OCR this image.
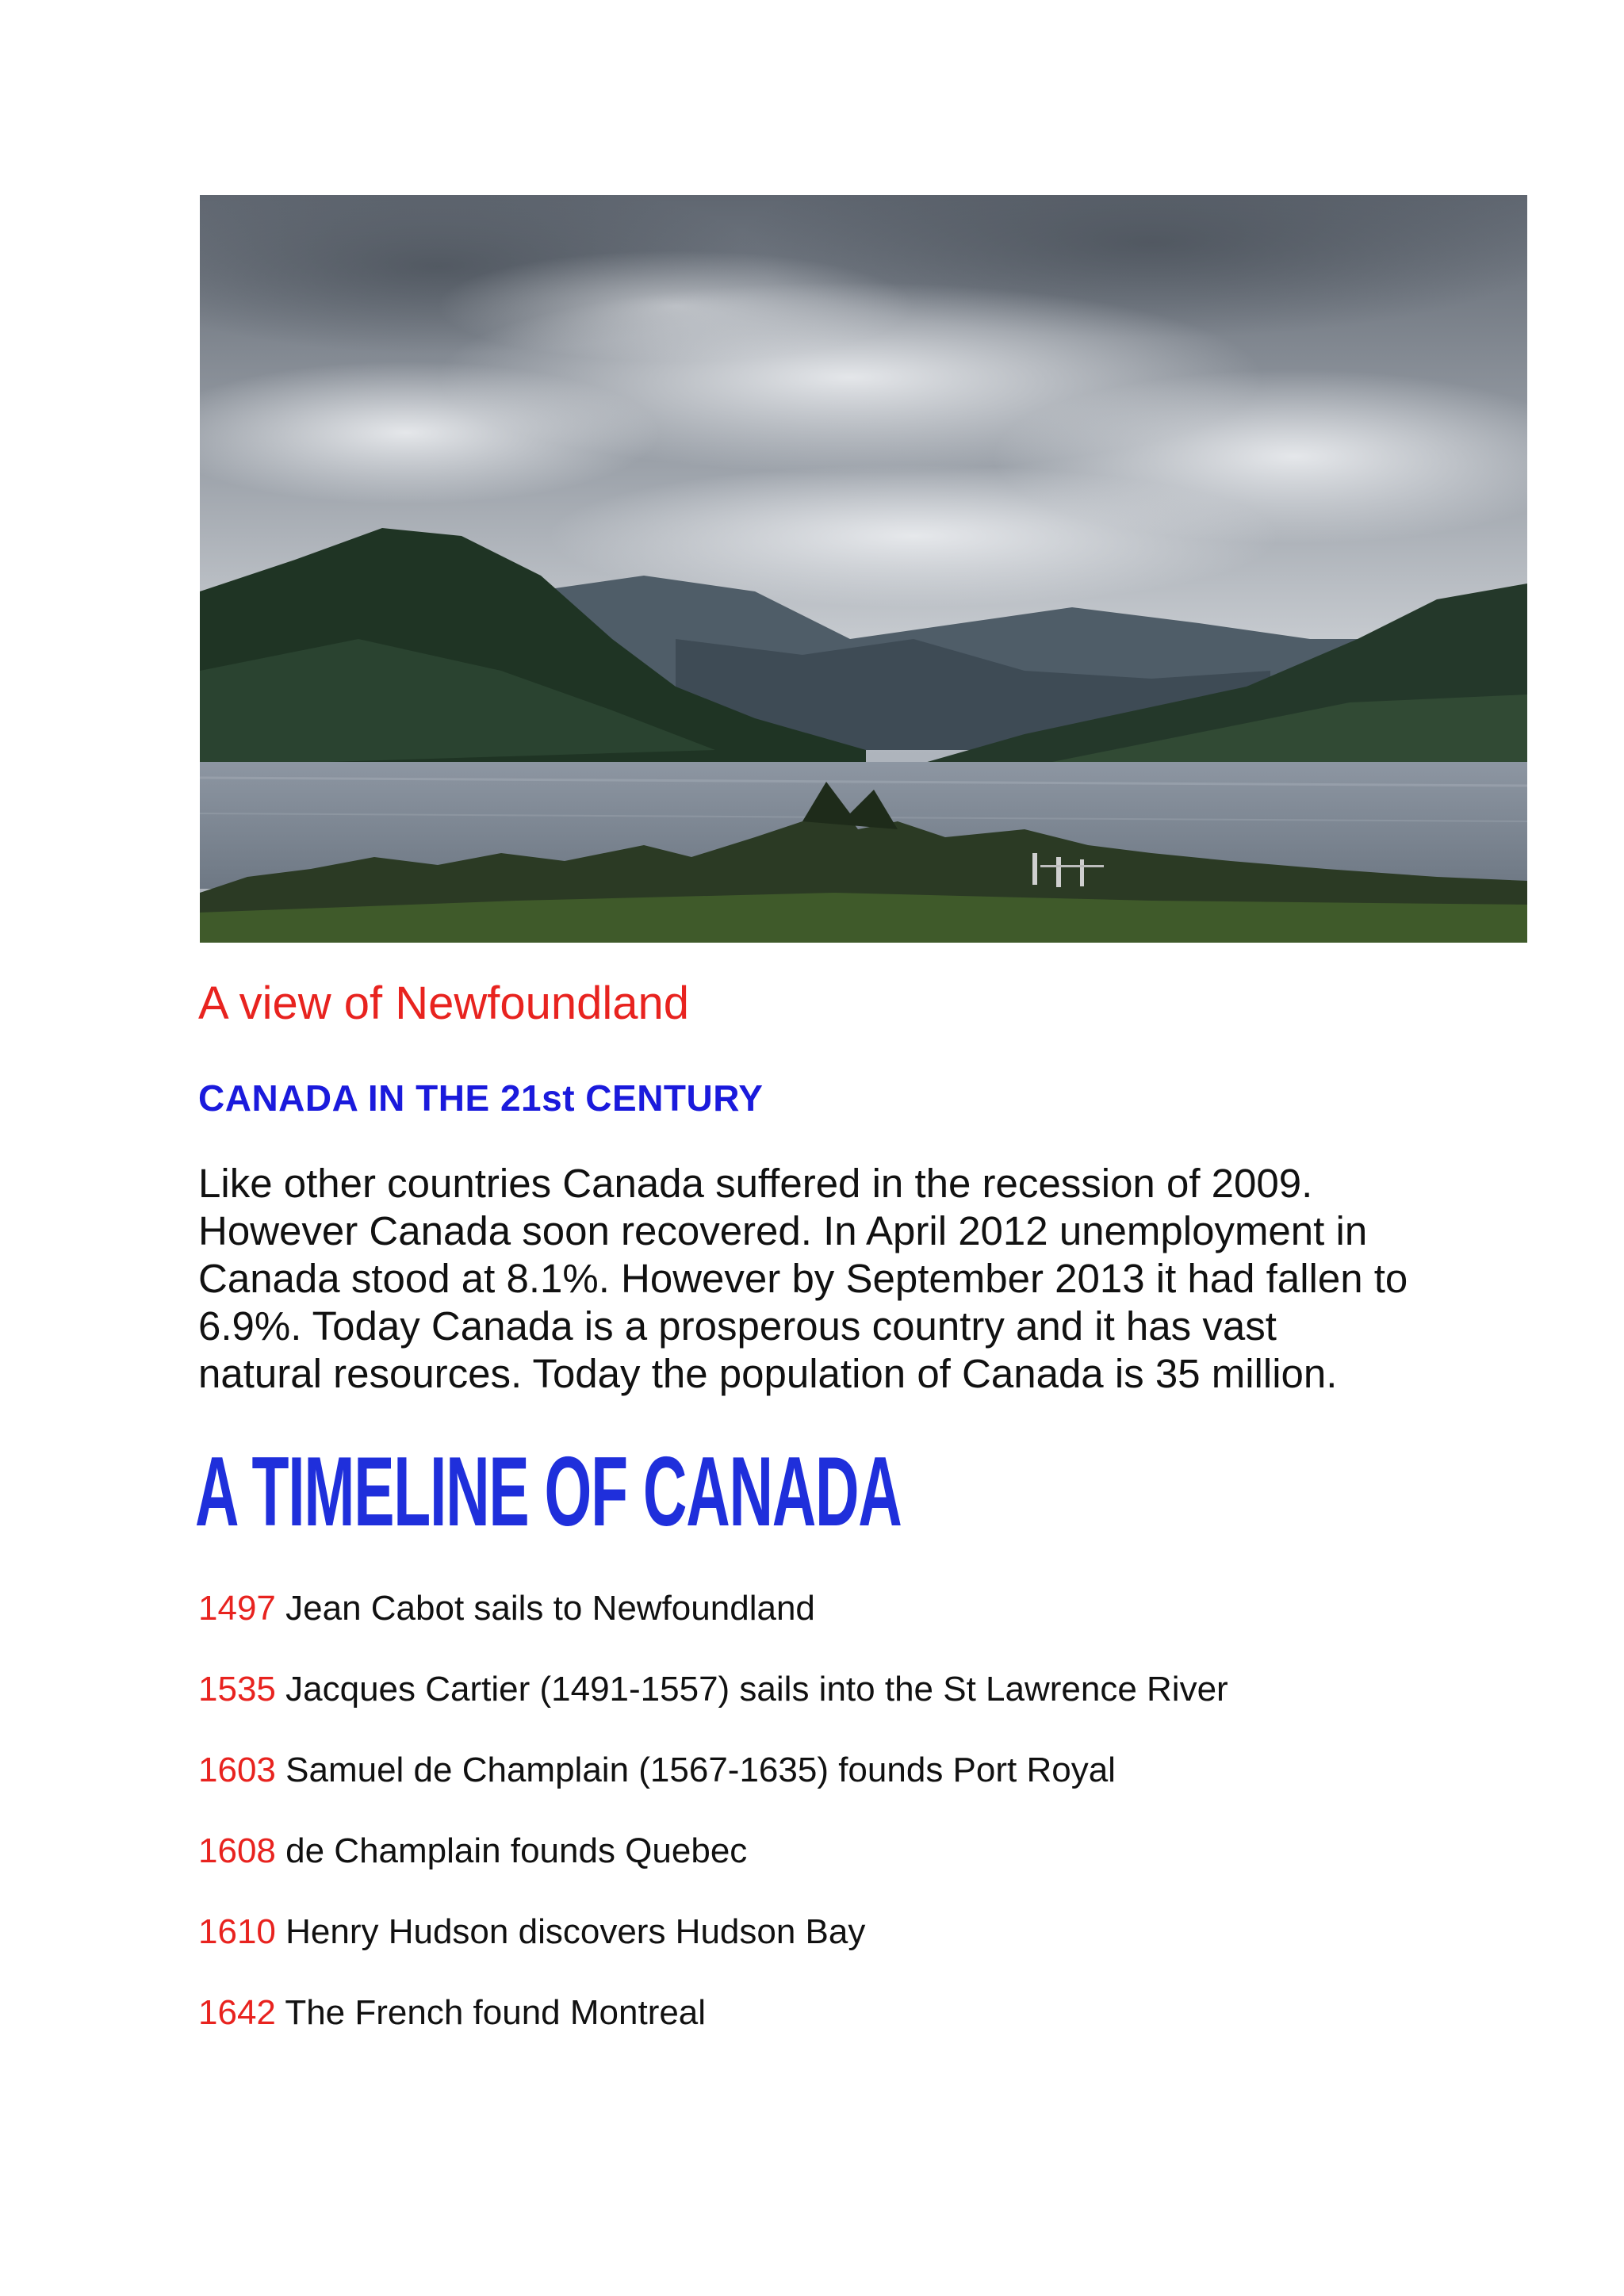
A view of Newfoundland
CANADA IN THE 21st CENTURY
Like other countries Canada suffered in the recession of 2009.
However Canada soon recovered. In April 2012 unemployment in
Canada stood at 8.1%. However by September 2013 it had fallen to
6.9%. Today Canada is a prosperous country and it has vast
natural resources. Today the population of Canada is 35 million.
A TIMELINE OF CANADA
1497 Jean Cabot sails to Newfoundland
1535 Jacques Cartier (1491-1557) sails into the St Lawrence River
1603 Samuel de Champlain (1567-1635) founds Port Royal
1608 de Champlain founds Quebec
1610 Henry Hudson discovers Hudson Bay
1642 The French found Montreal
